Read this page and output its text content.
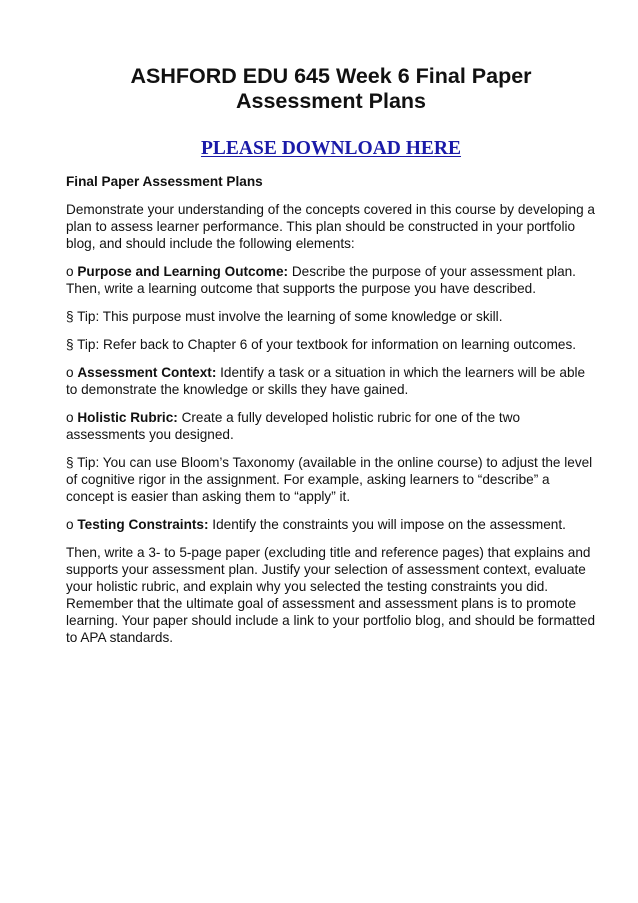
ASHFORD EDU 645 Week 6 Final Paper
Assessment Plans
PLEASE DOWNLOAD HERE

Final Paper Assessment Plans

Demonstrate your understanding of the concepts covered in this course by developing a plan to assess learner performance. This plan should be constructed in your portfolio blog, and should include the following elements:

o Purpose and Learning Outcome: Describe the purpose of your assessment plan. Then, write a learning outcome that supports the purpose you have described.

§ Tip: This purpose must involve the learning of some knowledge or skill.

§ Tip: Refer back to Chapter 6 of your textbook for information on learning outcomes.

o Assessment Context: Identify a task or a situation in which the learners will be able to demonstrate the knowledge or skills they have gained.

o Holistic Rubric: Create a fully developed holistic rubric for one of the two assessments you designed.

§ Tip: You can use Bloom’s Taxonomy (available in the online course) to adjust the level of cognitive rigor in the assignment. For example, asking learners to “describe” a concept is easier than asking them to “apply” it.

o Testing Constraints: Identify the constraints you will impose on the assessment.

Then, write a 3- to 5-page paper (excluding title and reference pages) that explains and supports your assessment plan. Justify your selection of assessment context, evaluate your holistic rubric, and explain why you selected the testing constraints you did. Remember that the ultimate goal of assessment and assessment plans is to promote learning. Your paper should include a link to your portfolio blog, and should be formatted to APA standards.
